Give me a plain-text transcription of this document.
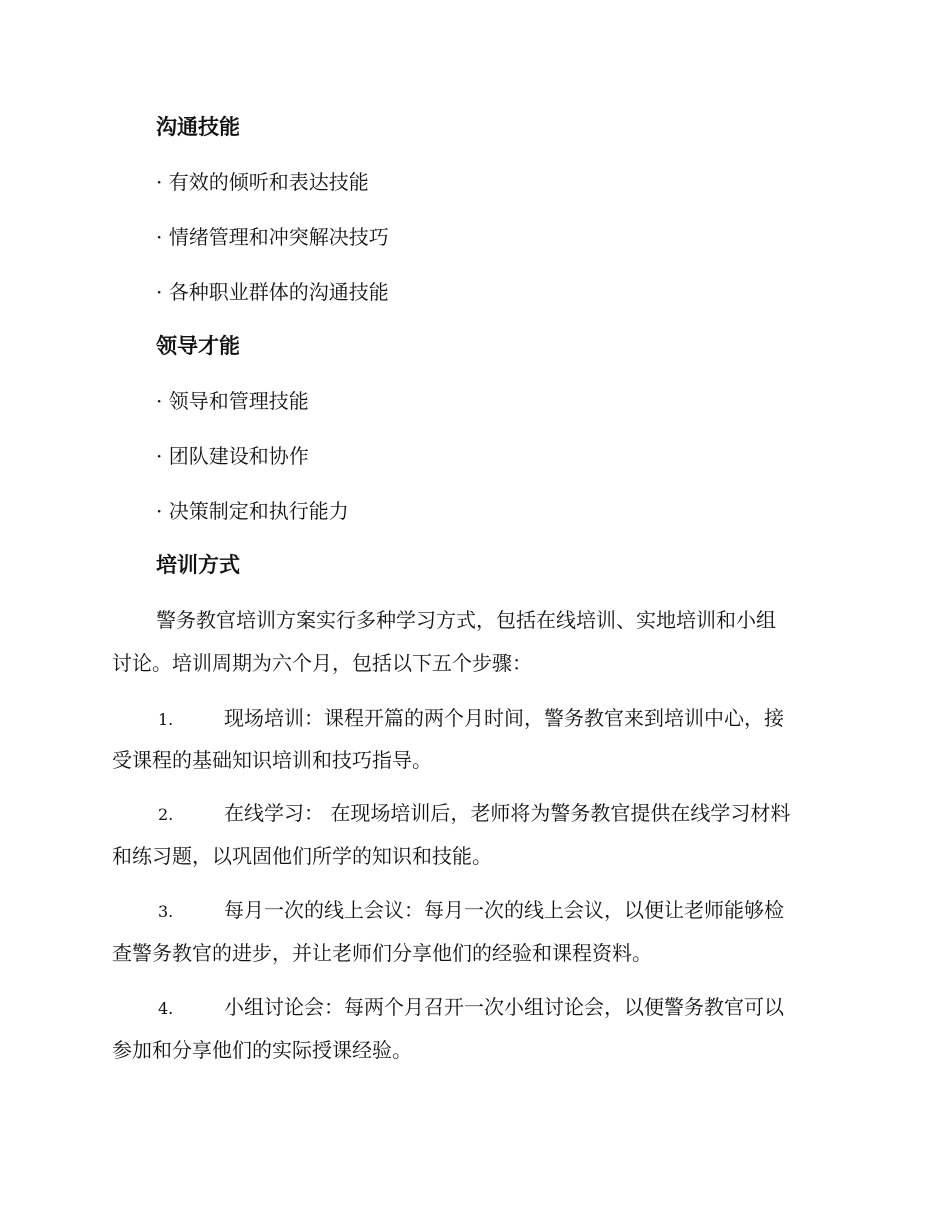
沟通技能
· 有效的倾听和表达技能
· 情绪管理和冲突解决技巧
· 各种职业群体的沟通技能
领导才能
· 领导和管理技能
· 团队建设和协作
· 决策制定和执行能力
培训方式
警务教官培训方案实行多种学习方式，包括在线培训、实地培训和小组
讨论。培训周期为六个月，包括以下五个步骤：
1.	现场培训：课程开篇的两个月时间，警务教官来到培训中心，接
受课程的基础知识培训和技巧指导。
2.	在线学习： 在现场培训后，老师将为警务教官提供在线学习材料
和练习题，以巩固他们所学的知识和技能。
3.	每月一次的线上会议：每月一次的线上会议，以便让老师能够检
查警务教官的进步，并让老师们分享他们的经验和课程资料。
4.	小组讨论会：每两个月召开一次小组讨论会，以便警务教官可以
参加和分享他们的实际授课经验。
